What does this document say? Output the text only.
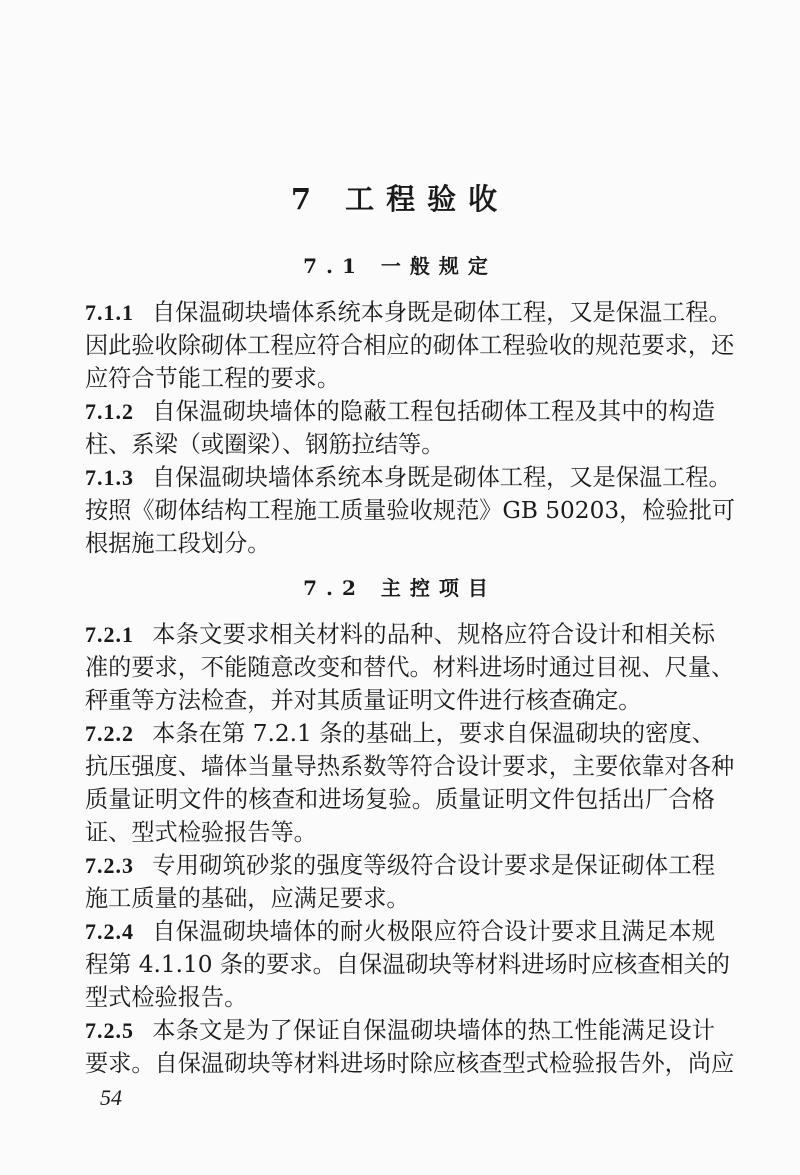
7 工程验收
7.1 一般规定
7.1.1 自保温砌块墙体系统本身既是砌体工程，又是保温工程。
因此验收除砌体工程应符合相应的砌体工程验收的规范要求，还
应符合节能工程的要求。
7.1.2 自保温砌块墙体的隐蔽工程包括砌体工程及其中的构造
柱、系梁（或圈梁）、钢筋拉结等。
7.1.3 自保温砌块墙体系统本身既是砌体工程，又是保温工程。
按照《砌体结构工程施工质量验收规范》GB 50203，检验批可
根据施工段划分。
7.2 主控项目
7.2.1 本条文要求相关材料的品种、规格应符合设计和相关标
准的要求，不能随意改变和替代。材料进场时通过目视、尺量、
秤重等方法检查，并对其质量证明文件进行核查确定。
7.2.2 本条在第 7.2.1 条的基础上，要求自保温砌块的密度、
抗压强度、墙体当量导热系数等符合设计要求，主要依靠对各种
质量证明文件的核查和进场复验。质量证明文件包括出厂合格
证、型式检验报告等。
7.2.3 专用砌筑砂浆的强度等级符合设计要求是保证砌体工程
施工质量的基础，应满足要求。
7.2.4 自保温砌块墙体的耐火极限应符合设计要求且满足本规
程第 4.1.10 条的要求。自保温砌块等材料进场时应核查相关的
型式检验报告。
7.2.5 本条文是为了保证自保温砌块墙体的热工性能满足设计
要求。自保温砌块等材料进场时除应核查型式检验报告外，尚应
54
